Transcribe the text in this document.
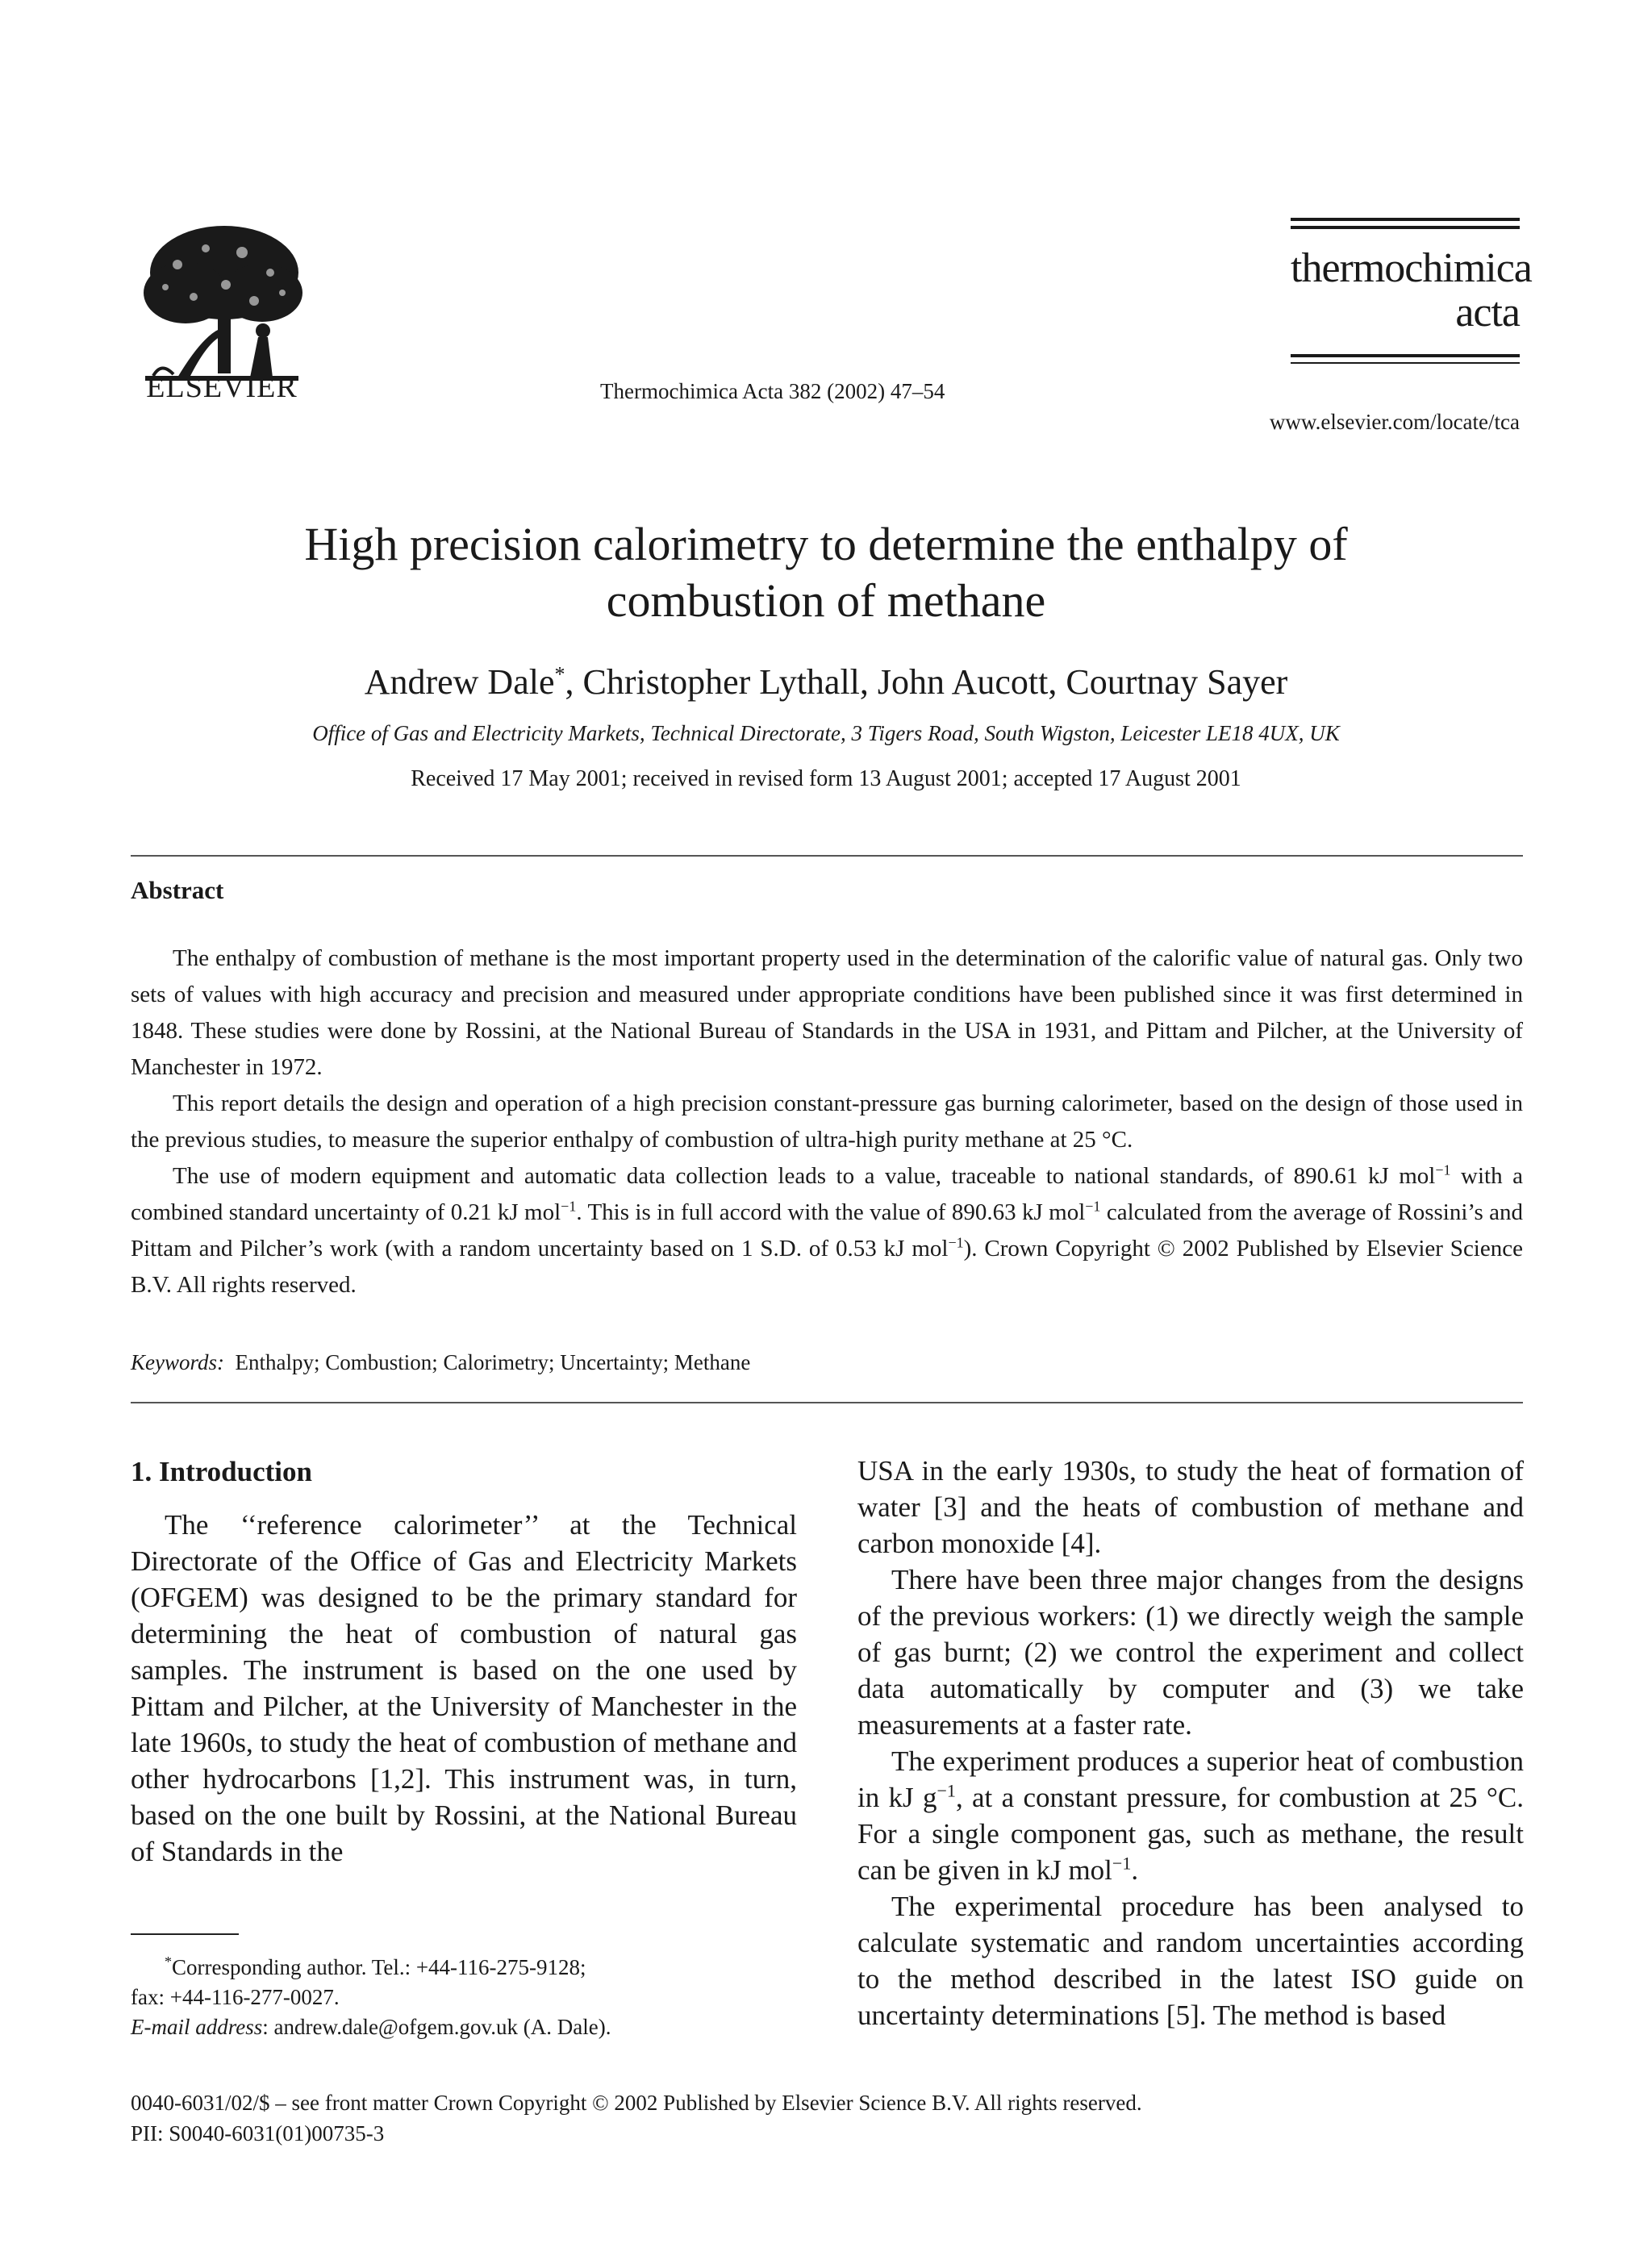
ELSEVIER	Thermochimica Acta 382 (2002) 47–54
thermochimica
acta
www.elsevier.com/locate/tca
High precision calorimetry to determine the enthalpy of
combustion of methane
Andrew Dale*, Christopher Lythall, John Aucott, Courtnay Sayer
Office of Gas and Electricity Markets, Technical Directorate, 3 Tigers Road, South Wigston, Leicester LE18 4UX, UK
Received 17 May 2001; received in revised form 13 August 2001; accepted 17 August 2001
Abstract

The enthalpy of combustion of methane is the most important property used in the determination of the calorific value of natural gas. Only two sets of values with high accuracy and precision and measured under appropriate conditions have been published since it was first determined in 1848. These studies were done by Rossini, at the National Bureau of Standards in the USA in 1931, and Pittam and Pilcher, at the University of Manchester in 1972.

This report details the design and operation of a high precision constant-pressure gas burning calorimeter, based on the design of those used in the previous studies, to measure the superior enthalpy of combustion of ultra-high purity methane at 25 °C.

The use of modern equipment and automatic data collection leads to a value, traceable to national standards, of 890.61 kJ mol$^{-1}$ with a combined standard uncertainty of 0.21 kJ mol$^{-1}$. This is in full accord with the value of 890.63 kJ mol$^{-1}$ calculated from the average of Rossini’s and Pittam and Pilcher’s work (with a random uncertainty based on 1 S.D. of 0.53 kJ mol$^{-1}$). Crown Copyright © 2002 Published by Elsevier Science B.V. All rights reserved.

Keywords: Enthalpy; Combustion; Calorimetry; Uncertainty; Methane
1. Introduction

The ‘‘reference calorimeter’’ at the Technical Directorate of the Office of Gas and Electricity Markets (OFGEM) was designed to be the primary standard for determining the heat of combustion of natural gas samples. The instrument is based on the one used by Pittam and Pilcher, at the University of Manchester in the late 1960s, to study the heat of combustion of methane and other hydrocarbons [1,2]. This instrument was, in turn, based on the one built by Rossini, at the National Bureau of Standards in the

USA in the early 1930s, to study the heat of formation of water [3] and the heats of combustion of methane and carbon monoxide [4].

There have been three major changes from the designs of the previous workers: (1) we directly weigh the sample of gas burnt; (2) we control the experiment and collect data automatically by computer and (3) we take measurements at a faster rate.

The experiment produces a superior heat of combustion in kJ $g^{-1}$, at a constant pressure, for combustion at 25 °C. For a single component gas, such as methane, the result can be given in kJ mol$^{-1}$.

The experimental procedure has been analysed to calculate systematic and random uncertainties according to the method described in the latest ISO guide on uncertainty determinations [5]. The method is based

*Corresponding author. Tel.: +44-116-275-9128;

fax: +44-116-277-0027.

E-mail address: andrew.dale@ofgem.gov.uk (A. Dale).

0040-6031/02/$ – see front matter Crown Copyright © 2002 Published by Elsevier Science B.V. All rights reserved.

PII: S0040-6031(01)00735-3
